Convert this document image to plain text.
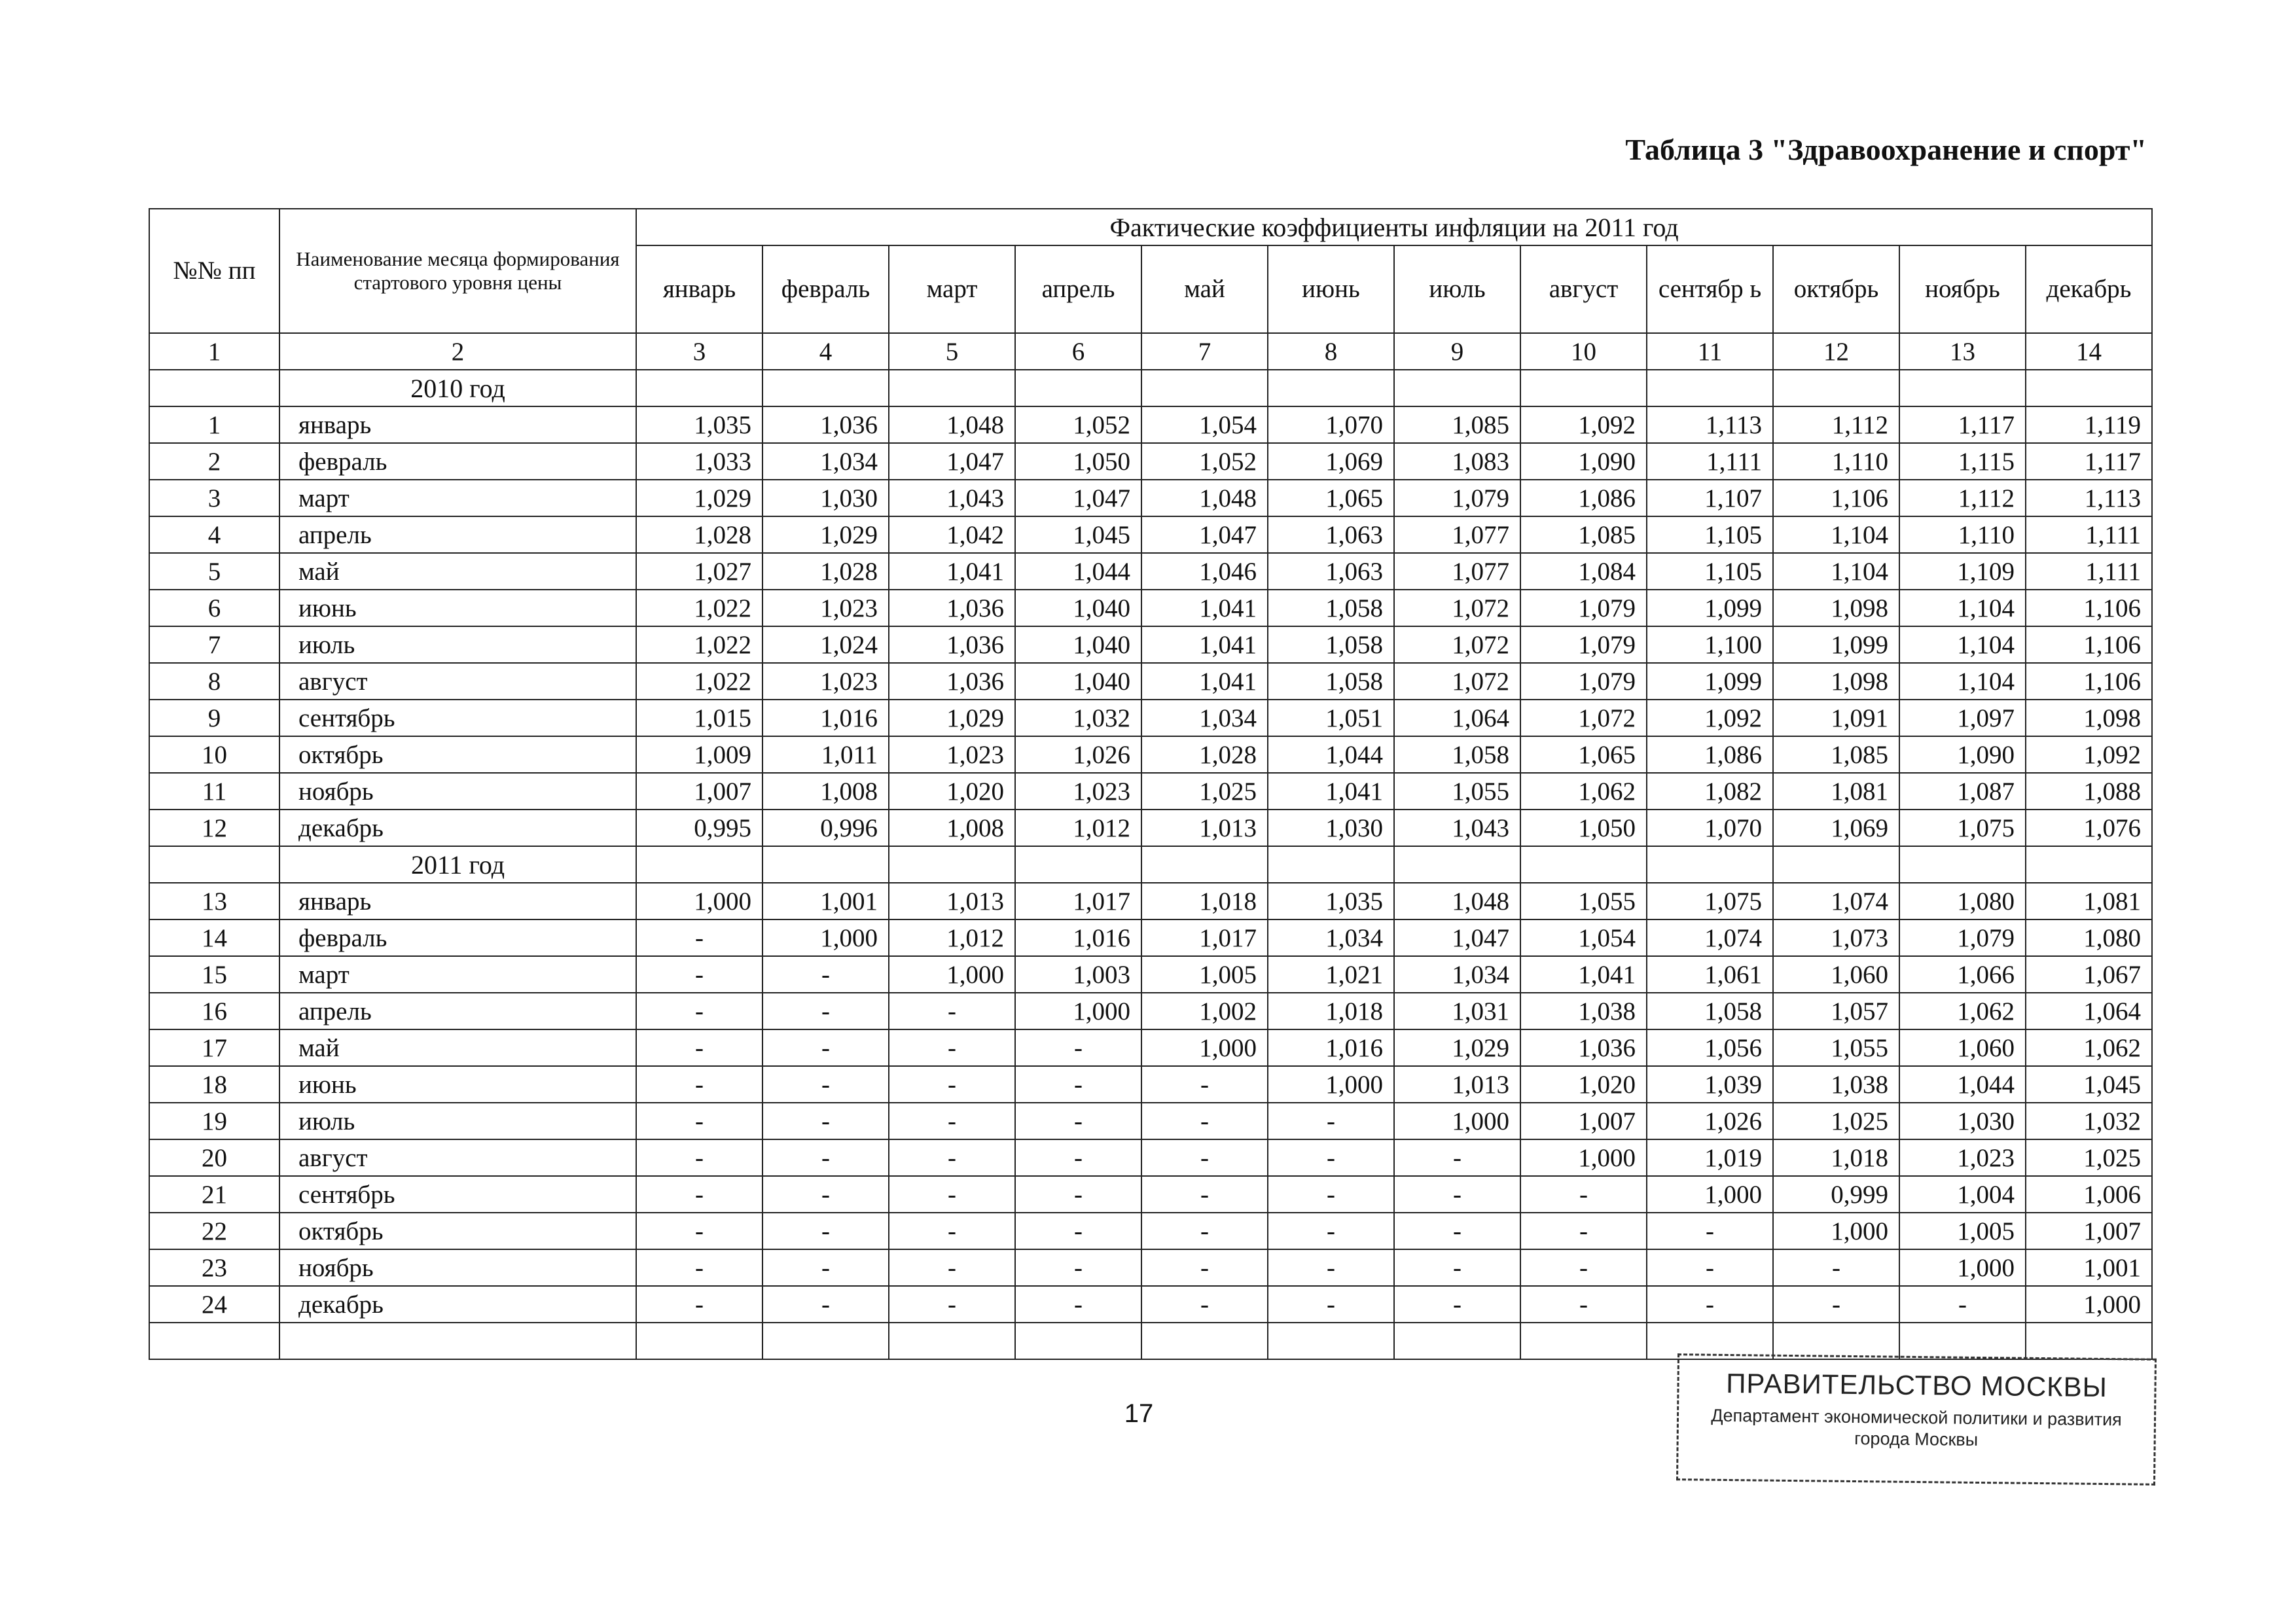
Таблица 3 "Здравоохранение и спорт"
№№ пп	Наименование месяца формирования стартового уровня цены	Фактические коэффициенты инфляции на 2011 год											
		январь	февраль	март	апрель	май	июнь	июль	август	сентябр ь	октябрь	ноябрь	декабрь
1	2	3	4	5	6	7	8	9	10	11	12	13	14
	2010 год												
1	январь	1,035	1,036	1,048	1,052	1,054	1,070	1,085	1,092	1,113	1,112	1,117	1,119
2	февраль	1,033	1,034	1,047	1,050	1,052	1,069	1,083	1,090	1,111	1,110	1,115	1,117
3	март	1,029	1,030	1,043	1,047	1,048	1,065	1,079	1,086	1,107	1,106	1,112	1,113
4	апрель	1,028	1,029	1,042	1,045	1,047	1,063	1,077	1,085	1,105	1,104	1,110	1,111
5	май	1,027	1,028	1,041	1,044	1,046	1,063	1,077	1,084	1,105	1,104	1,109	1,111
6	июнь	1,022	1,023	1,036	1,040	1,041	1,058	1,072	1,079	1,099	1,098	1,104	1,106
7	июль	1,022	1,024	1,036	1,040	1,041	1,058	1,072	1,079	1,100	1,099	1,104	1,106
8	август	1,022	1,023	1,036	1,040	1,041	1,058	1,072	1,079	1,099	1,098	1,104	1,106
9	сентябрь	1,015	1,016	1,029	1,032	1,034	1,051	1,064	1,072	1,092	1,091	1,097	1,098
10	октябрь	1,009	1,011	1,023	1,026	1,028	1,044	1,058	1,065	1,086	1,085	1,090	1,092
11	ноябрь	1,007	1,008	1,020	1,023	1,025	1,041	1,055	1,062	1,082	1,081	1,087	1,088
12	декабрь	0,995	0,996	1,008	1,012	1,013	1,030	1,043	1,050	1,070	1,069	1,075	1,076
	2011 год												
13	январь	1,000	1,001	1,013	1,017	1,018	1,035	1,048	1,055	1,075	1,074	1,080	1,081
14	февраль	-	1,000	1,012	1,016	1,017	1,034	1,047	1,054	1,074	1,073	1,079	1,080
15	март	-	-	1,000	1,003	1,005	1,021	1,034	1,041	1,061	1,060	1,066	1,067
16	апрель	-	-	-	1,000	1,002	1,018	1,031	1,038	1,058	1,057	1,062	1,064
17	май	-	-	-	-	1,000	1,016	1,029	1,036	1,056	1,055	1,060	1,062
18	июнь	-	-	-	-	-	1,000	1,013	1,020	1,039	1,038	1,044	1,045
19	июль	-	-	-	-	-	-	1,000	1,007	1,026	1,025	1,030	1,032
20	август	-	-	-	-	-	-	-	1,000	1,019	1,018	1,023	1,025
21	сентябрь	-	-	-	-	-	-	-	-	1,000	0,999	1,004	1,006
22	октябрь	-	-	-	-	-	-	-	-	-	1,000	1,005	1,007
23	ноябрь	-	-	-	-	-	-	-	-	-	-	1,000	1,001
24	декабрь	-	-	-	-	-	-	-	-	-	-	-	1,000

17
ПРАВИТЕЛЬСТВО МОСКВЫ
Департамент экономической политики и развития
города Москвы
